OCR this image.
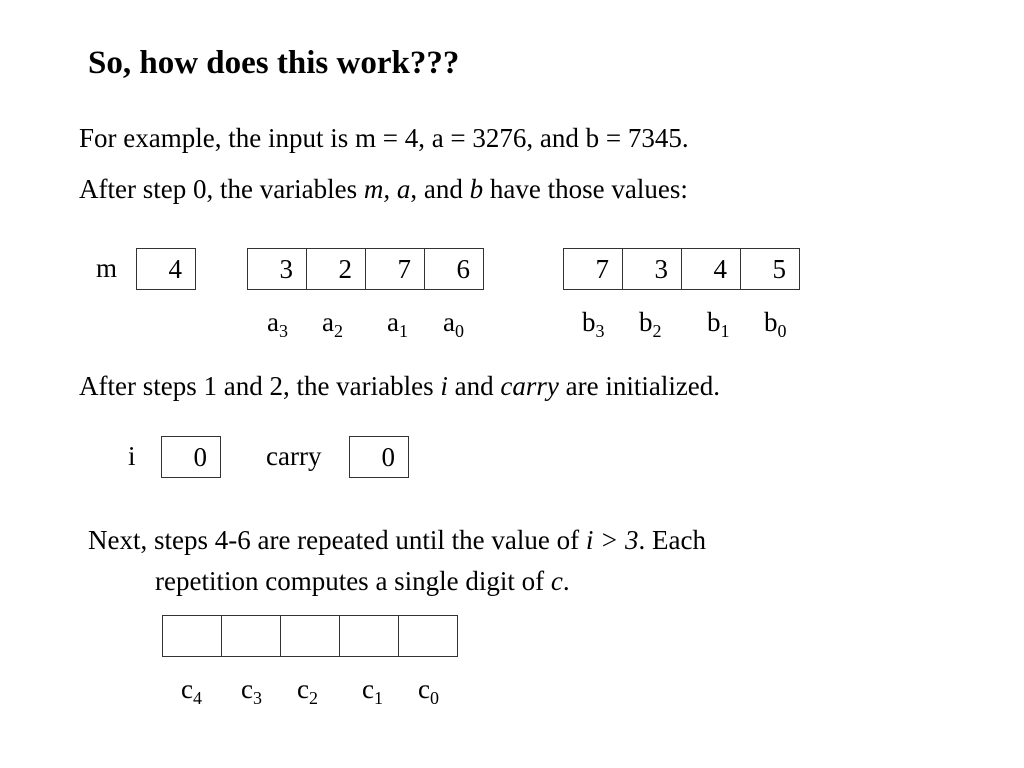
So, how does this work???
For example, the input is m = 4, a = 3276, and b = 7345.
After step 0, the variables m, a, and b have those values:
m	4	3	2	7	6
$a_3$ $a_2$ $a_1$ $a_0$
7	3	4	5
$b_3$ $b_2$ $b_1$ $b_0$
After steps 1 and 2, the variables i and carry are initialized.
i	0	carry	0
Next, steps 4-6 are repeated until the value of i > 3. Each
repetition computes a single digit of c.
$c_4$ $c_3$ $c_2$ $c_1$ $c_0$
